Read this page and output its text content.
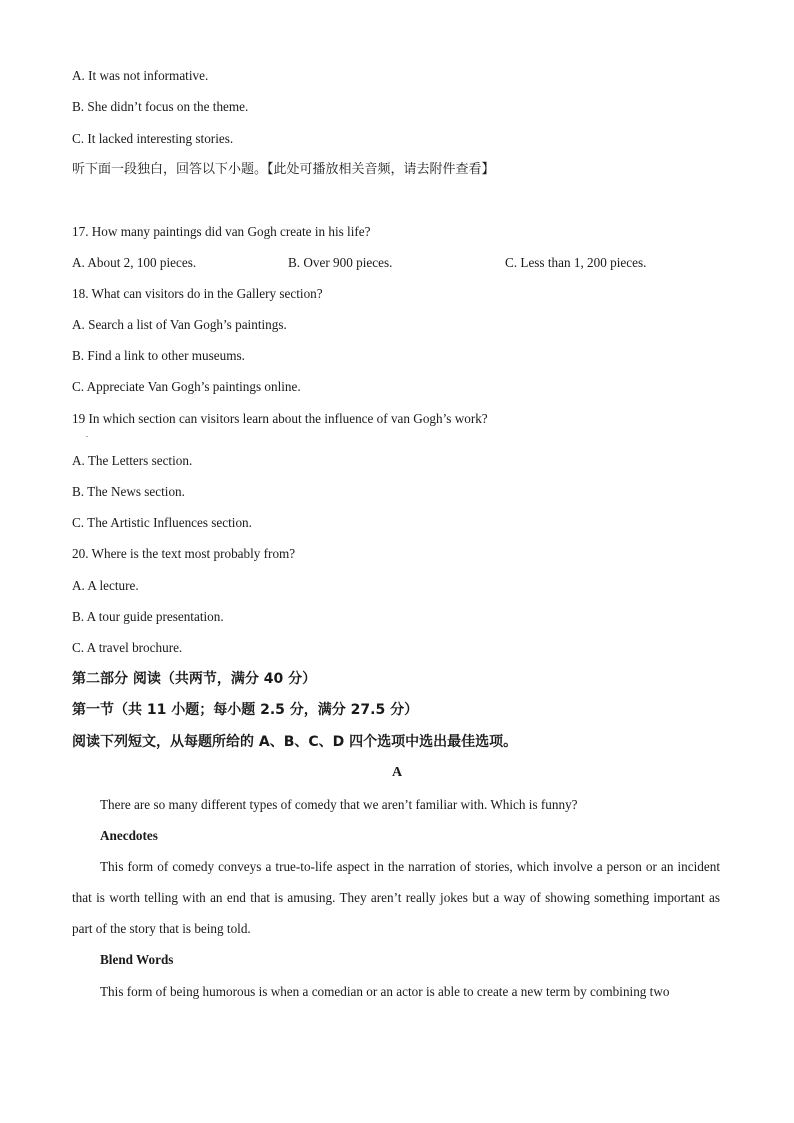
A. It was not informative.
B. She didn’t focus on the theme.
C. It lacked interesting stories.
听下面一段独白，回答以下小题。【此处可播放相关音频，请去附件查看】
17. How many paintings did van Gogh create in his life?
A. About 2, 100 pieces.	B. Over 900 pieces.	C. Less than 1, 200 pieces.
18. What can visitors do in the Gallery section?
A. Search a list of Van Gogh’s paintings.
B. Find a link to other museums.
C. Appreciate Van Gogh’s paintings online.
19 In which section can visitors learn about the influence of van Gogh’s work?
.
A. The Letters section.
B. The News section.
C. The Artistic Influences section.
20. Where is the text most probably from?
A. A lecture.
B. A tour guide presentation.
C. A travel brochure.
第二部分 阅读（共两节，满分 40 分）
第一节（共 11 小题；每小题 2.5 分，满分 27.5 分）
阅读下列短文，从每题所给的 A、B、C、D 四个选项中选出最佳选项。
A
There are so many different types of comedy that we aren’t familiar with. Which is funny?
Anecdotes
This form of comedy conveys a true-to-life aspect in the narration of stories, which involve a person or an incident that is worth telling with an end that is amusing. They aren’t really jokes but a way of showing something important as part of the story that is being told.
Blend Words
This form of being humorous is when a comedian or an actor is able to create a new term by combining two
